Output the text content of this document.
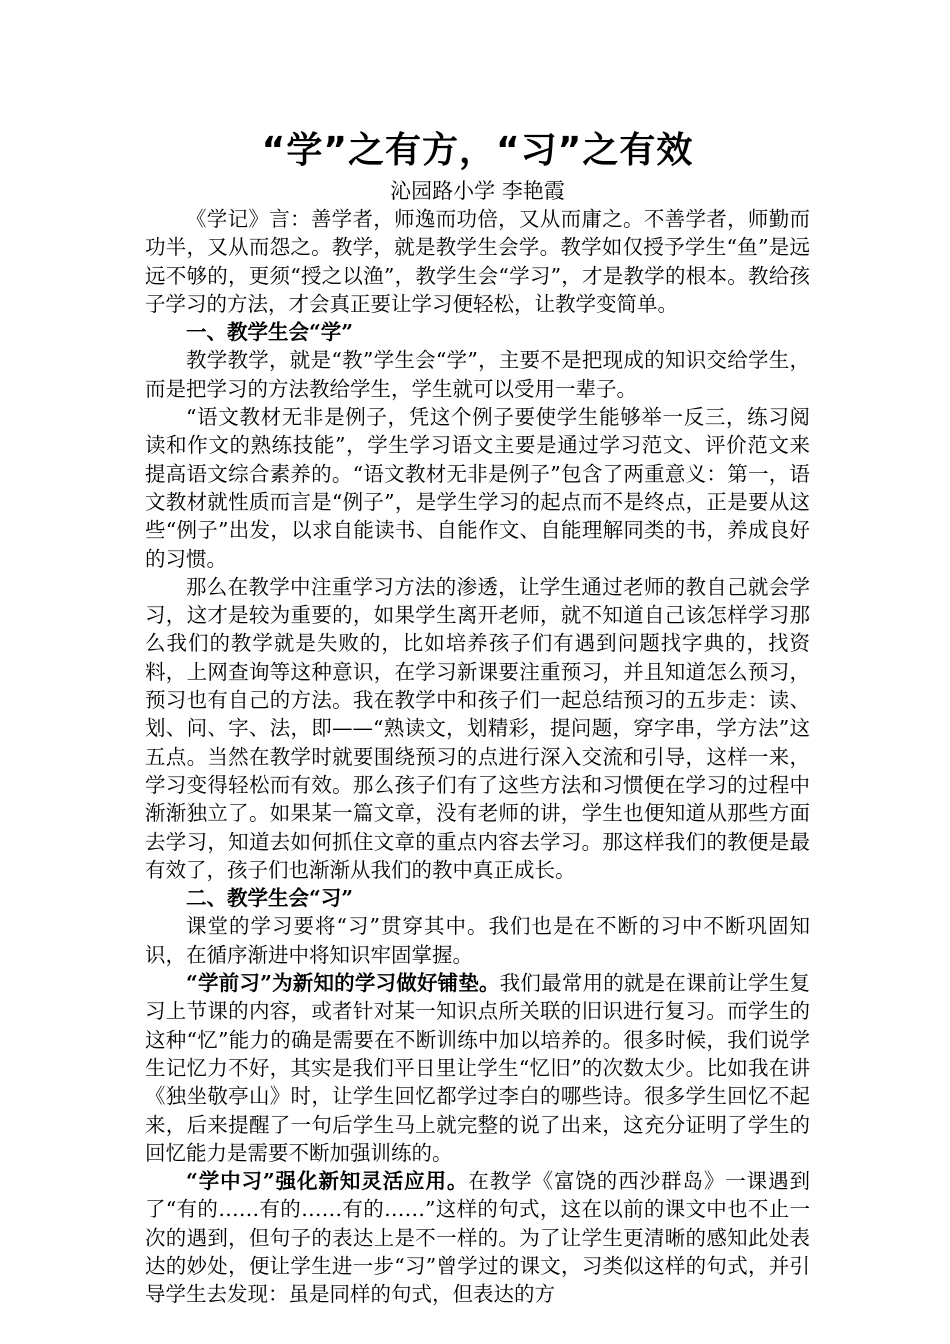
“学”之有方，“习”之有效

沁园路小学 李艳霞

《学记》言：善学者，师逸而功倍，又从而庸之。不善学者，师勤而功半，又从而怨之。教学，就是教学生会学。教学如仅授予学生“鱼”是远远不够的，更须“授之以渔”，教学生会“学习”，才是教学的根本。教给孩子学习的方法，才会真正要让学习便轻松，让教学变简单。

一、教学生会“学”

教学教学，就是“教”学生会“学”，主要不是把现成的知识交给学生，而是把学习的方法教给学生，学生就可以受用一辈子。

“语文教材无非是例子，凭这个例子要使学生能够举一反三，练习阅读和作文的熟练技能”，学生学习语文主要是通过学习范文、评价范文来提高语文综合素养的。“语文教材无非是例子”包含了两重意义：第一，语文教材就性质而言是“例子”，是学生学习的起点而不是终点，正是要从这些“例子”出发，以求自能读书、自能作文、自能理解同类的书，养成良好的习惯。

那么在教学中注重学习方法的渗透，让学生通过老师的教自己就会学习，这才是较为重要的，如果学生离开老师，就不知道自己该怎样学习那么我们的教学就是失败的，比如培养孩子们有遇到问题找字典的，找资料，上网查询等这种意识，在学习新课要注重预习，并且知道怎么预习，预习也有自己的方法。我在教学中和孩子们一起总结预习的五步走：读、划、问、字、法，即——“熟读文，划精彩，提问题，穿字串，学方法”这五点。当然在教学时就要围绕预习的点进行深入交流和引导，这样一来，学习变得轻松而有效。那么孩子们有了这些方法和习惯便在学习的过程中渐渐独立了。如果某一篇文章，没有老师的讲，学生也便知道从那些方面去学习，知道去如何抓住文章的重点内容去学习。那这样我们的教便是最有效了，孩子们也渐渐从我们的教中真正成长。

二、教学生会“习”

课堂的学习要将“习”贯穿其中。我们也是在不断的习中不断巩固知识，在循序渐进中将知识牢固掌握。

“学前习”为新知的学习做好铺垫。我们最常用的就是在课前让学生复习上节课的内容，或者针对某一知识点所关联的旧识进行复习。而学生的这种“忆”能力的确是需要在不断训练中加以培养的。很多时候，我们说学生记忆力不好，其实是我们平日里让学生“忆旧”的次数太少。比如我在讲《独坐敬亭山》时，让学生回忆都学过李白的哪些诗。很多学生回忆不起来，后来提醒了一句后学生马上就完整的说了出来，这充分证明了学生的回忆能力是需要不断加强训练的。

“学中习”强化新知灵活应用。在教学《富饶的西沙群岛》一课遇到了“有的……有的……有的……”这样的句式，这在以前的课文中也不止一次的遇到，但句子的表达上是不一样的。为了让学生更清晰的感知此处表达的妙处，便让学生进一步“习”曾学过的课文，习类似这样的句式，并引导学生去发现：虽是同样的句式，但表达的方
